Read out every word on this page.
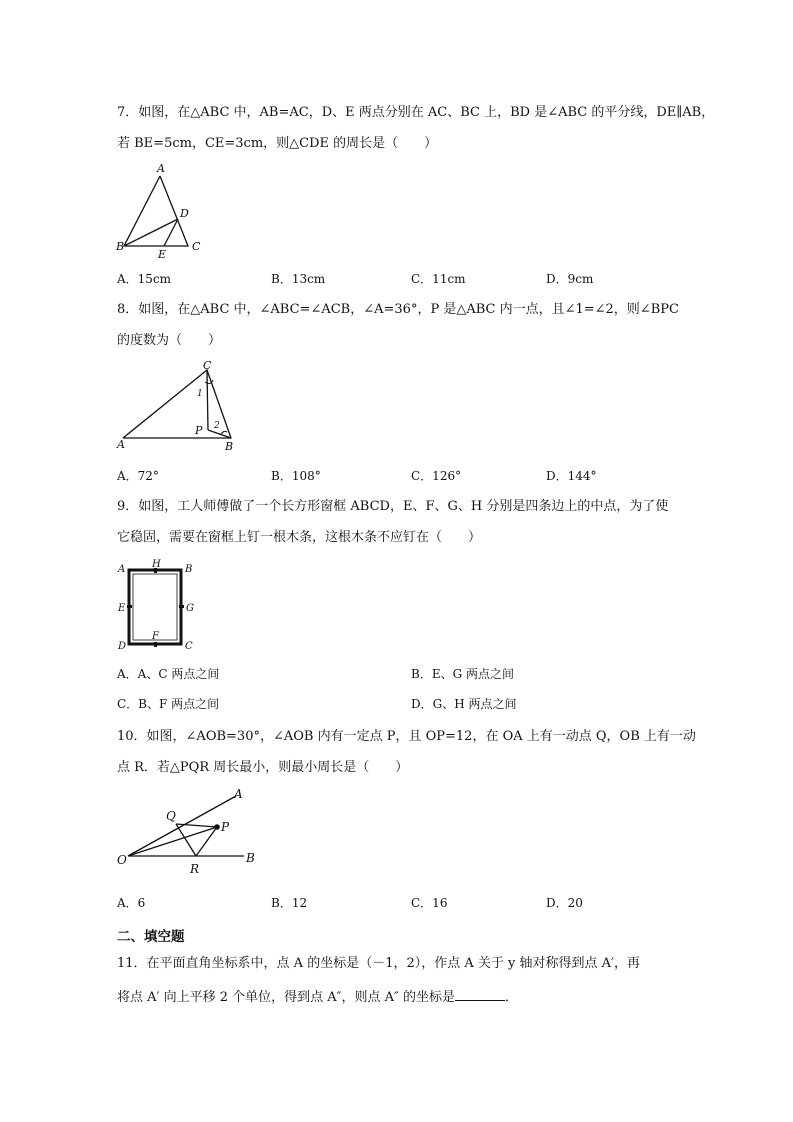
7．如图，在△ABC 中，AB=AC，D、E 两点分别在 AC、BC 上，BD 是∠ABC 的平分线，DE∥AB，
若 BE=5cm，CE=3cm，则△CDE 的周长是（　　）
A
B	C
D
E
A．15cm	B．13cm	C．11cm	D．9cm
8．如图，在△ABC 中，∠ABC=∠ACB，∠A=36°，P 是△ABC 内一点，且∠1=∠2，则∠BPC
的度数为（　　）
A	B
C
P
1
2
A．72°	B．108°	C．126°	D．144°
9．如图，工人师傅做了一个长方形窗框 ABCD，E、F、G、H 分别是四条边上的中点，为了使
它稳固，需要在窗框上钉一根木条，这根木条不应钉在（　　）
A	B
C
D
E
F
G
H
A．A、C 两点之间	B．E、G 两点之间
C．B、F 两点之间	D．G、H 两点之间
10．如图，∠AOB=30°，∠AOB 内有一定点 P，且 OP=12，在 OA 上有一动点 Q，OB 上有一动
点 R．若△PQR 周长最小，则最小周长是（　　）
O
A
B
P
Q
R
A．6	B．12	C．16	D．20
二、填空题
11．在平面直角坐标系中，点 A 的坐标是（－1，2），作点 A 关于 y 轴对称得到点 A′，再
将点 A′ 向上平移 2 个单位，得到点 A″，则点 A″ 的坐标是	．
